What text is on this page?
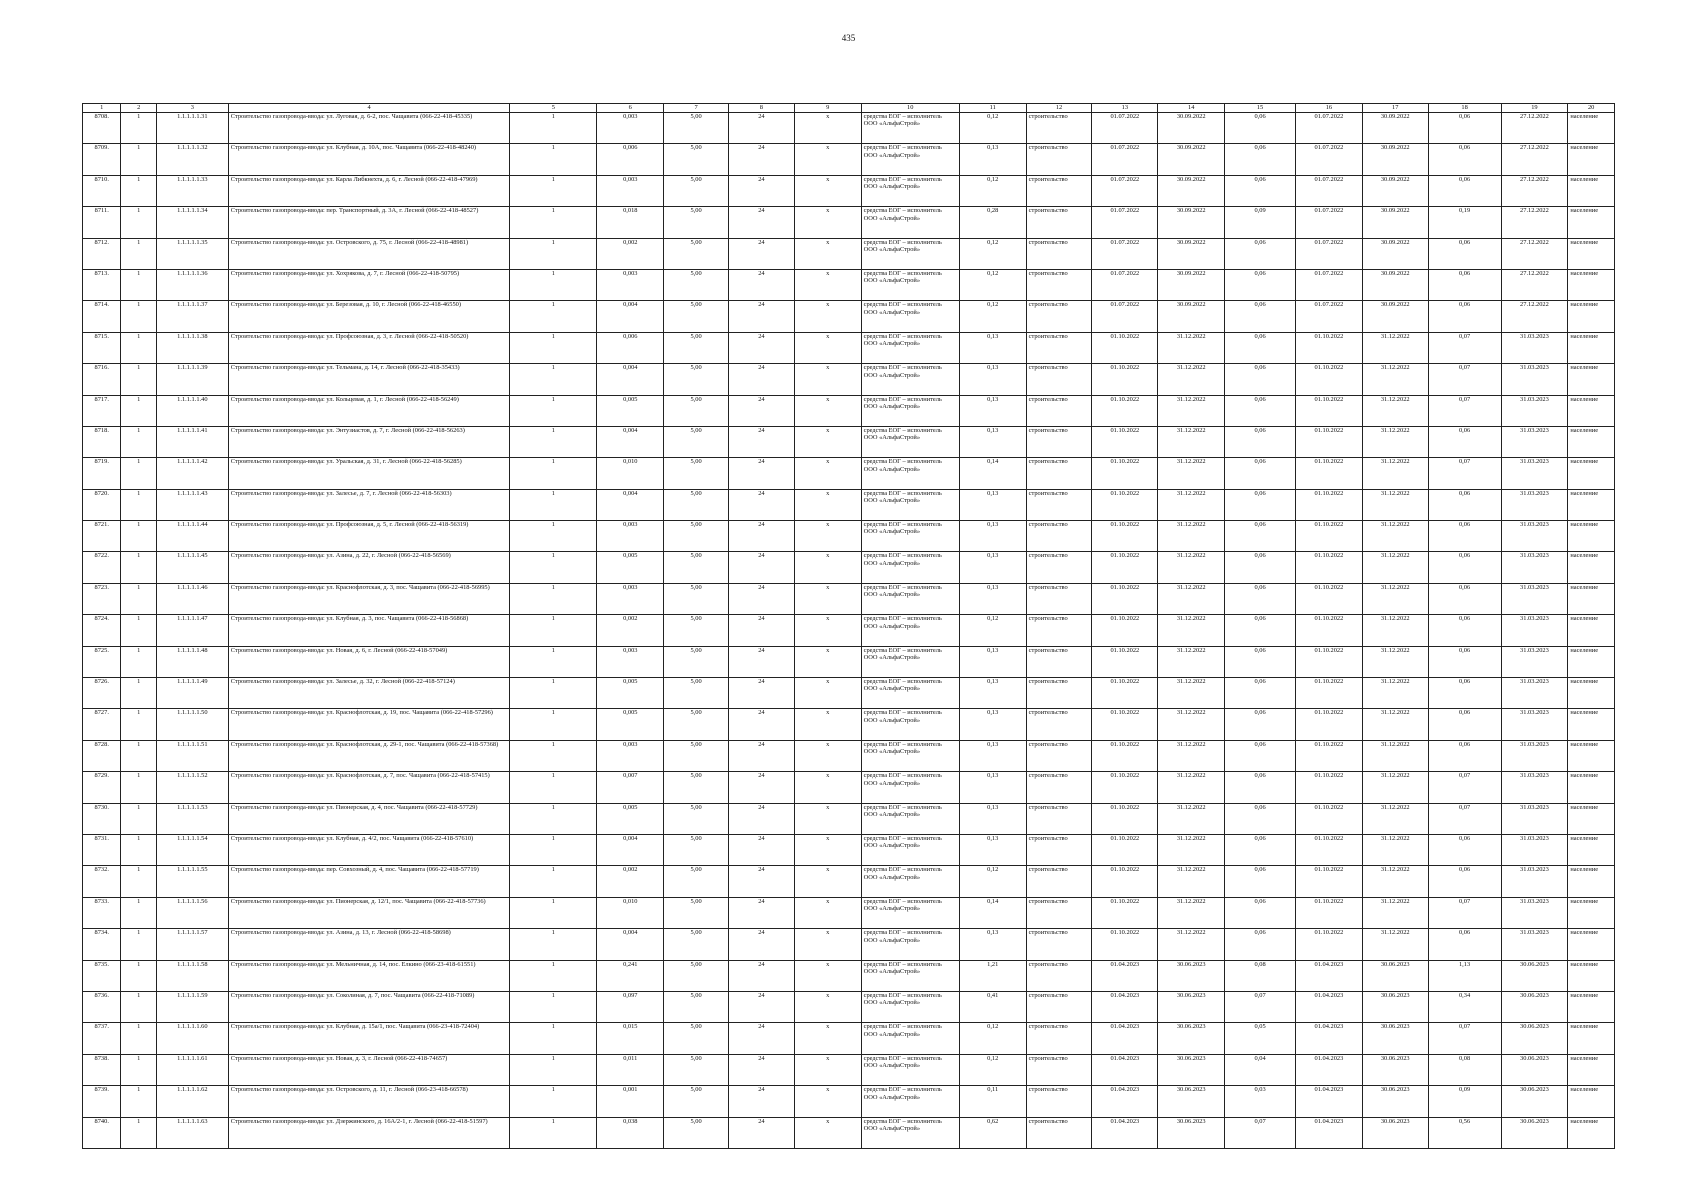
435
1	2	3	4	5	6	7	8	9	10	11	12	13	14	15	16	17	18	19	20
8708.	1	1.1.1.1.1.31	Строительство газопровода-ввода: ул. Луговая, д. 6-2, пос. Чащавита (066-22-418-45335)	1	0,003	5,00	24	x	средства ЕОГ – исполнитель
ООО «АльфаСтрой»	0,12	строительство	01.07.2022	30.09.2022	0,06	01.07.2022	30.09.2022	0,06	27.12.2022	население
8709.	1	1.1.1.1.1.32	Строительство газопровода-ввода: ул. Клубная, д. 10А, пос. Чащавита (066-22-418-48240)	1	0,006	5,00	24	x	средства ЕОГ – исполнитель
ООО «АльфаСтрой»	0,13	строительство	01.07.2022	30.09.2022	0,06	01.07.2022	30.09.2022	0,06	27.12.2022	население
8710.	1	1.1.1.1.1.33	Строительство газопровода-ввода: ул. Карла Либкнехта, д. 6, г. Лесной (066-22-418-47969)	1	0,003	5,00	24	x	средства ЕОГ – исполнитель
ООО «АльфаСтрой»	0,12	строительство	01.07.2022	30.09.2022	0,06	01.07.2022	30.09.2022	0,06	27.12.2022	население
8711.	1	1.1.1.1.1.34	Строительство газопровода-ввода: пер. Транспортный, д. 3А, г. Лесной (066-22-418-48527)	1	0,018	5,00	24	x	средства ЕОГ – исполнитель
ООО «АльфаСтрой»	0,28	строительство	01.07.2022	30.09.2022	0,09	01.07.2022	30.09.2022	0,19	27.12.2022	население
8712.	1	1.1.1.1.1.35	Строительство газопровода-ввода: ул. Островского, д. 75, г. Лесной (066-22-418-48981)	1	0,002	5,00	24	x	средства ЕОГ – исполнитель
ООО «АльфаСтрой»	0,12	строительство	01.07.2022	30.09.2022	0,06	01.07.2022	30.09.2022	0,06	27.12.2022	население
8713.	1	1.1.1.1.1.36	Строительство газопровода-ввода: ул. Хохрякова, д. 7, г. Лесной (066-22-418-50795)	1	0,003	5,00	24	x	средства ЕОГ – исполнитель
ООО «АльфаСтрой»	0,12	строительство	01.07.2022	30.09.2022	0,06	01.07.2022	30.09.2022	0,06	27.12.2022	население
8714.	1	1.1.1.1.1.37	Строительство газопровода-ввода: ул. Березовая, д. 10, г. Лесной (066-22-418-46550)	1	0,004	5,00	24	x	средства ЕОГ – исполнитель
ООО «АльфаСтрой»	0,12	строительство	01.07.2022	30.09.2022	0,06	01.07.2022	30.09.2022	0,06	27.12.2022	население
8715.	1	1.1.1.1.1.38	Строительство газопровода-ввода: ул. Профсоюзная, д. 3, г. Лесной (066-22-418-50520)	1	0,006	5,00	24	x	средства ЕОГ – исполнитель
ООО «АльфаСтрой»	0,13	строительство	01.10.2022	31.12.2022	0,06	01.10.2022	31.12.2022	0,07	31.03.2023	население
8716.	1	1.1.1.1.1.39	Строительство газопровода-ввода: ул. Тельмана, д. 14, г. Лесной (066-22-418-35433)	1	0,004	5,00	24	x	средства ЕОГ – исполнитель
ООО «АльфаСтрой»	0,13	строительство	01.10.2022	31.12.2022	0,06	01.10.2022	31.12.2022	0,07	31.03.2023	население
8717.	1	1.1.1.1.1.40	Строительство газопровода-ввода: ул. Кольцевая, д. 1, г. Лесной (066-22-418-56249)	1	0,005	5,00	24	x	средства ЕОГ – исполнитель
ООО «АльфаСтрой»	0,13	строительство	01.10.2022	31.12.2022	0,06	01.10.2022	31.12.2022	0,07	31.03.2023	население
8718.	1	1.1.1.1.1.41	Строительство газопровода-ввода: ул. Энтузиастов, д. 7, г. Лесной (066-22-418-56263)	1	0,004	5,00	24	x	средства ЕОГ – исполнитель
ООО «АльфаСтрой»	0,13	строительство	01.10.2022	31.12.2022	0,06	01.10.2022	31.12.2022	0,06	31.03.2023	население
8719.	1	1.1.1.1.1.42	Строительство газопровода-ввода: ул. Уральская, д. 31, г. Лесной (066-22-418-56285)	1	0,010	5,00	24	x	средства ЕОГ – исполнитель
ООО «АльфаСтрой»	0,14	строительство	01.10.2022	31.12.2022	0,06	01.10.2022	31.12.2022	0,07	31.03.2023	население
8720.	1	1.1.1.1.1.43	Строительство газопровода-ввода: ул. Залесье, д. 7, г. Лесной (066-22-418-56303)	1	0,004	5,00	24	x	средства ЕОГ – исполнитель
ООО «АльфаСтрой»	0,13	строительство	01.10.2022	31.12.2022	0,06	01.10.2022	31.12.2022	0,06	31.03.2023	население
8721.	1	1.1.1.1.1.44	Строительство газопровода-ввода: ул. Профсоюзная, д. 5, г. Лесной (066-22-418-56319)	1	0,003	5,00	24	x	средства ЕОГ – исполнитель
ООО «АльфаСтрой»	0,13	строительство	01.10.2022	31.12.2022	0,06	01.10.2022	31.12.2022	0,06	31.03.2023	население
8722.	1	1.1.1.1.1.45	Строительство газопровода-ввода: ул. Азина, д. 22, г. Лесной (066-22-418-56569)	1	0,005	5,00	24	x	средства ЕОГ – исполнитель
ООО «АльфаСтрой»	0,13	строительство	01.10.2022	31.12.2022	0,06	01.10.2022	31.12.2022	0,06	31.03.2023	население
8723.	1	1.1.1.1.1.46	Строительство газопровода-ввода: ул. Краснофлотская, д. 3, пос. Чащавита (066-22-418-56995)	1	0,003	5,00	24	x	средства ЕОГ – исполнитель
ООО «АльфаСтрой»	0,13	строительство	01.10.2022	31.12.2022	0,06	01.10.2022	31.12.2022	0,06	31.03.2023	население
8724.	1	1.1.1.1.1.47	Строительство газопровода-ввода: ул. Клубная, д. 3, пос. Чащавита (066-22-418-56868)	1	0,002	5,00	24	x	средства ЕОГ – исполнитель
ООО «АльфаСтрой»	0,12	строительство	01.10.2022	31.12.2022	0,06	01.10.2022	31.12.2022	0,06	31.03.2023	население
8725.	1	1.1.1.1.1.48	Строительство газопровода-ввода: ул. Новая, д. 6, г. Лесной (066-22-418-57049)	1	0,003	5,00	24	x	средства ЕОГ – исполнитель
ООО «АльфаСтрой»	0,13	строительство	01.10.2022	31.12.2022	0,06	01.10.2022	31.12.2022	0,06	31.03.2023	население
8726.	1	1.1.1.1.1.49	Строительство газопровода-ввода: ул. Залесье, д. 32, г. Лесной (066-22-418-57124)	1	0,005	5,00	24	x	средства ЕОГ – исполнитель
ООО «АльфаСтрой»	0,13	строительство	01.10.2022	31.12.2022	0,06	01.10.2022	31.12.2022	0,06	31.03.2023	население
8727.	1	1.1.1.1.1.50	Строительство газопровода-ввода: ул. Краснофлотская, д. 19, пос. Чащавита (066-22-418-57296)	1	0,005	5,00	24	x	средства ЕОГ – исполнитель
ООО «АльфаСтрой»	0,13	строительство	01.10.2022	31.12.2022	0,06	01.10.2022	31.12.2022	0,06	31.03.2023	население
8728.	1	1.1.1.1.1.51	Строительство газопровода-ввода: ул. Краснофлотская, д. 29-1, пос. Чащавита (066-22-418-57368)	1	0,003	5,00	24	x	средства ЕОГ – исполнитель
ООО «АльфаСтрой»	0,13	строительство	01.10.2022	31.12.2022	0,06	01.10.2022	31.12.2022	0,06	31.03.2023	население
8729.	1	1.1.1.1.1.52	Строительство газопровода-ввода: ул. Краснофлотская, д. 7, пос. Чащавита (066-22-418-57415)	1	0,007	5,00	24	x	средства ЕОГ – исполнитель
ООО «АльфаСтрой»	0,13	строительство	01.10.2022	31.12.2022	0,06	01.10.2022	31.12.2022	0,07	31.03.2023	население
8730.	1	1.1.1.1.1.53	Строительство газопровода-ввода: ул. Пионерская, д. 4, пос. Чащавита (066-22-418-57729)	1	0,005	5,00	24	x	средства ЕОГ – исполнитель
ООО «АльфаСтрой»	0,13	строительство	01.10.2022	31.12.2022	0,06	01.10.2022	31.12.2022	0,07	31.03.2023	население
8731.	1	1.1.1.1.1.54	Строительство газопровода-ввода: ул. Клубная, д. 4/2, пос. Чащавита (066-22-418-57610)	1	0,004	5,00	24	x	средства ЕОГ – исполнитель
ООО «АльфаСтрой»	0,13	строительство	01.10.2022	31.12.2022	0,06	01.10.2022	31.12.2022	0,06	31.03.2023	население
8732.	1	1.1.1.1.1.55	Строительство газопровода-ввода: пер. Совхозный, д. 4, пос. Чащавита (066-22-418-57719)	1	0,002	5,00	24	x	средства ЕОГ – исполнитель
ООО «АльфаСтрой»	0,12	строительство	01.10.2022	31.12.2022	0,06	01.10.2022	31.12.2022	0,06	31.03.2023	население
8733.	1	1.1.1.1.1.56	Строительство газопровода-ввода: ул. Пионерская, д. 12/1, пос. Чащавита (066-22-418-57736)	1	0,010	5,00	24	x	средства ЕОГ – исполнитель
ООО «АльфаСтрой»	0,14	строительство	01.10.2022	31.12.2022	0,06	01.10.2022	31.12.2022	0,07	31.03.2023	население
8734.	1	1.1.1.1.1.57	Строительство газопровода-ввода: ул. Азина, д. 13, г. Лесной (066-22-418-58698)	1	0,004	5,00	24	x	средства ЕОГ – исполнитель
ООО «АльфаСтрой»	0,13	строительство	01.10.2022	31.12.2022	0,06	01.10.2022	31.12.2022	0,06	31.03.2023	население
8735.	1	1.1.1.1.1.58	Строительство газопровода-ввода: ул. Мельничная, д. 14, пос. Елкино (066-23-418-61551)	1	0,241	5,00	24	x	средства ЕОГ – исполнитель
ООО «АльфаСтрой»	1,21	строительство	01.04.2023	30.06.2023	0,08	01.04.2023	30.06.2023	1,13	30.06.2023	население
8736.	1	1.1.1.1.1.59	Строительство газопровода-ввода: ул. Соколиная, д. 7, пос. Чащавита (066-22-418-71089)	1	0,097	5,00	24	x	средства ЕОГ – исполнитель
ООО «АльфаСтрой»	0,41	строительство	01.04.2023	30.06.2023	0,07	01.04.2023	30.06.2023	0,34	30.06.2023	население
8737.	1	1.1.1.1.1.60	Строительство газопровода-ввода: ул. Клубная, д. 15а/1, пос. Чащавита (066-23-418-72404)	1	0,015	5,00	24	x	средства ЕОГ – исполнитель
ООО «АльфаСтрой»	0,12	строительство	01.04.2023	30.06.2023	0,05	01.04.2023	30.06.2023	0,07	30.06.2023	население
8738.	1	1.1.1.1.1.61	Строительство газопровода-ввода: ул. Новая, д. 3, г. Лесной (066-22-418-74657)	1	0,011	5,00	24	x	средства ЕОГ – исполнитель
ООО «АльфаСтрой»	0,12	строительство	01.04.2023	30.06.2023	0,04	01.04.2023	30.06.2023	0,08	30.06.2023	население
8739.	1	1.1.1.1.1.62	Строительство газопровода-ввода: ул. Островского, д. 11, г. Лесной (066-23-418-66578)	1	0,001	5,00	24	x	средства ЕОГ – исполнитель
ООО «АльфаСтрой»	0,11	строительство	01.04.2023	30.06.2023	0,03	01.04.2023	30.06.2023	0,09	30.06.2023	население
8740.	1	1.1.1.1.1.63	Строительство газопровода-ввода: ул. Дзержинского, д. 16А/2-1, г. Лесной (066-22-418-51597)	1	0,038	5,00	24	x	средства ЕОГ – исполнитель
ООО «АльфаСтрой»	0,62	строительство	01.04.2023	30.06.2023	0,07	01.04.2023	30.06.2023	0,56	30.06.2023	население
